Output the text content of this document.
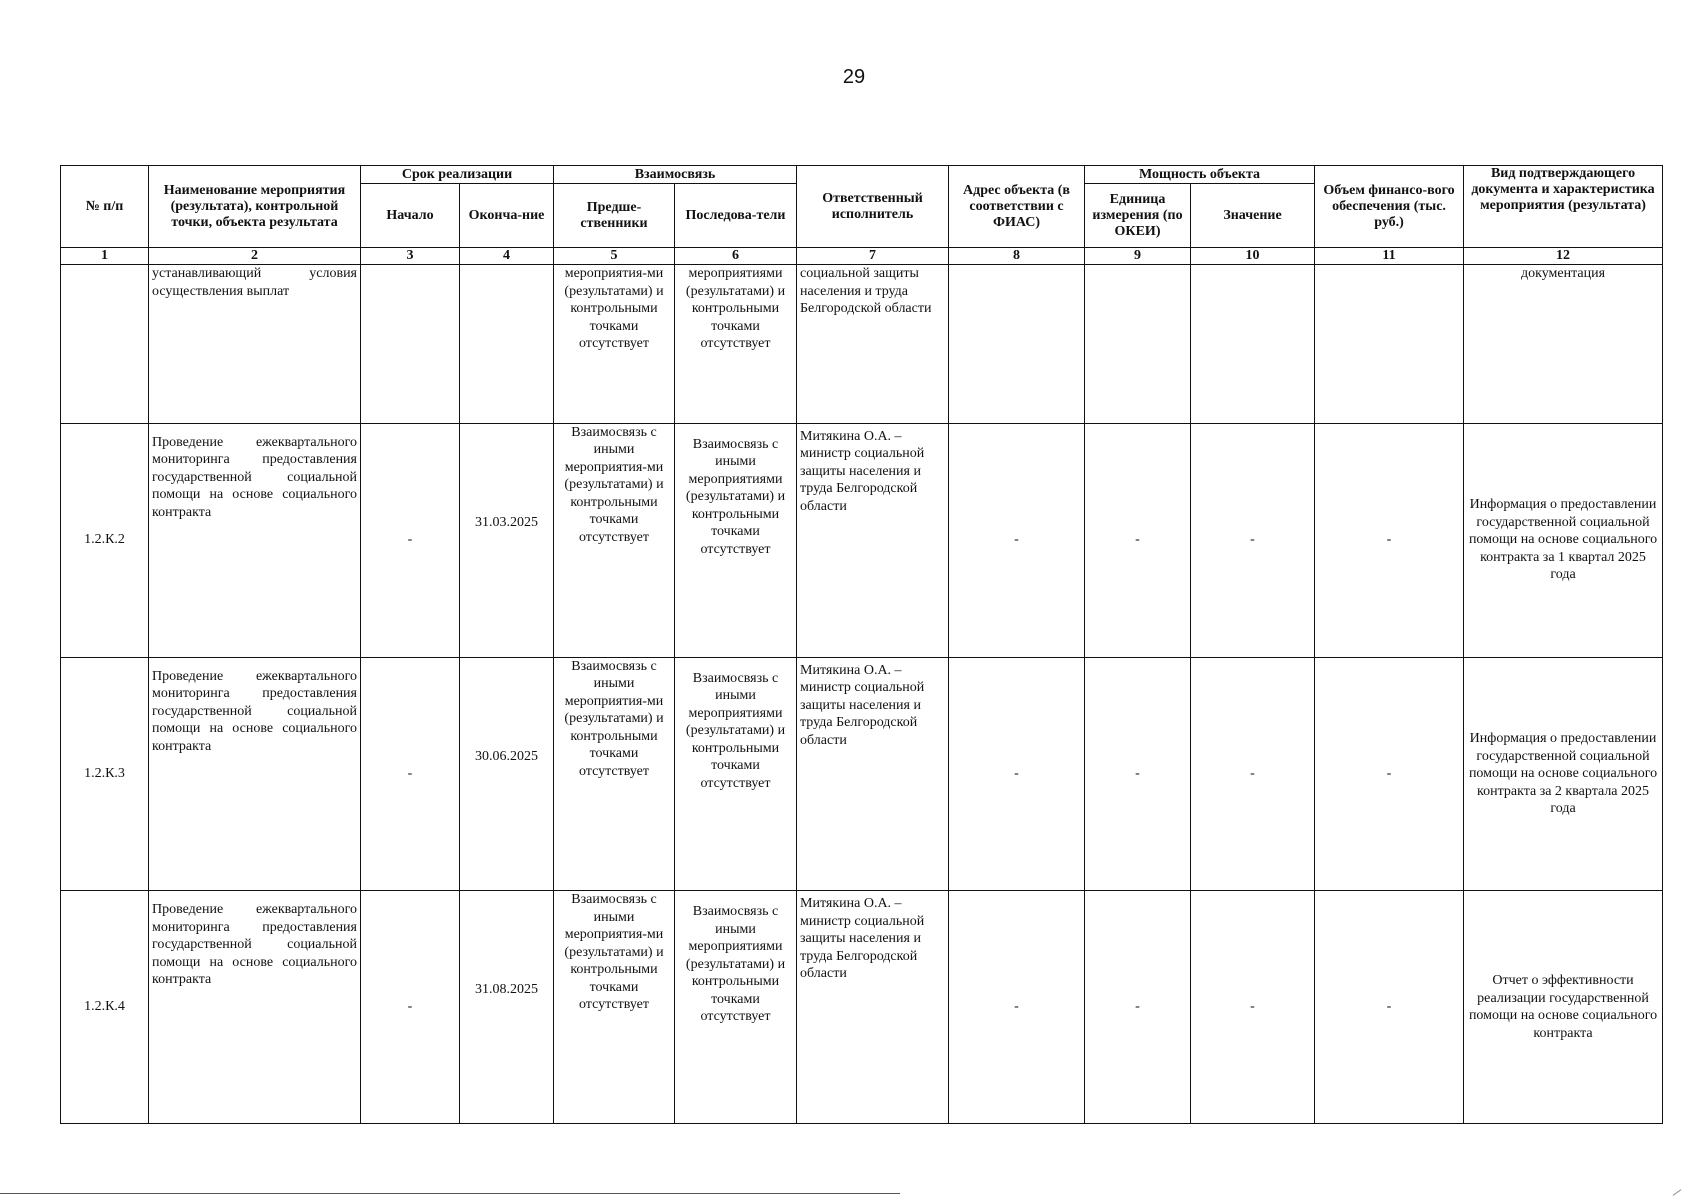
29
№ п/п	Наименование мероприятия (результата), контрольной точки, объекта результата	Срок реализации		Взаимосвязь		Ответственный исполнитель	Адрес объекта (в соответствии с ФИАС)	Мощность объекта		Объем финансо-вого обеспечения (тыс. руб.)	Вид подтверждающего документа и характеристика мероприятия (результата)
		Начало	Оконча-ние	Предше-ственники	Последова-тели			Единица измерения (по ОКЕИ)	Значение		
1	2	3	4	5	6	7	8	9	10	11	12
	устанавливающий условия осуществления выплат			мероприятия-ми (результатами) и контрольными точками отсутствует	мероприятиями (результатами) и контрольными точками отсутствует	социальной защиты населения и труда Белгородской области					документация
1.2.К.2	Проведение ежеквартального мониторинга предоставления государственной социальной помощи на основе социального контракта	-	31.03.2025	Взаимосвязь с иными мероприятия-ми (результатами) и контрольными точками отсутствует	Взаимосвязь с иными мероприятиями (результатами) и контрольными точками отсутствует	Митякина О.А. – министр социальной защиты населения и труда Белгородской области	-	-	-	-	Информация о предоставлении государственной социальной помощи на основе социального контракта за 1 квартал 2025 года
1.2.К.3	Проведение ежеквартального мониторинга предоставления государственной социальной помощи на основе социального контракта	-	30.06.2025	Взаимосвязь с иными мероприятия-ми (результатами) и контрольными точками отсутствует	Взаимосвязь с иными мероприятиями (результатами) и контрольными точками отсутствует	Митякина О.А. – министр социальной защиты населения и труда Белгородской области	-	-	-	-	Информация о предоставлении государственной социальной помощи на основе социального контракта за 2 квартала 2025 года
1.2.К.4	Проведение ежеквартального мониторинга предоставления государственной социальной помощи на основе социального контракта	-	31.08.2025	Взаимосвязь с иными мероприятия-ми (результатами) и контрольными точками отсутствует	Взаимосвязь с иными мероприятиями (результатами) и контрольными точками отсутствует	Митякина О.А. – министр социальной защиты населения и труда Белгородской области	-	-	-	-	Отчет о эффективности реализации государственной помощи на основе социального контракта
